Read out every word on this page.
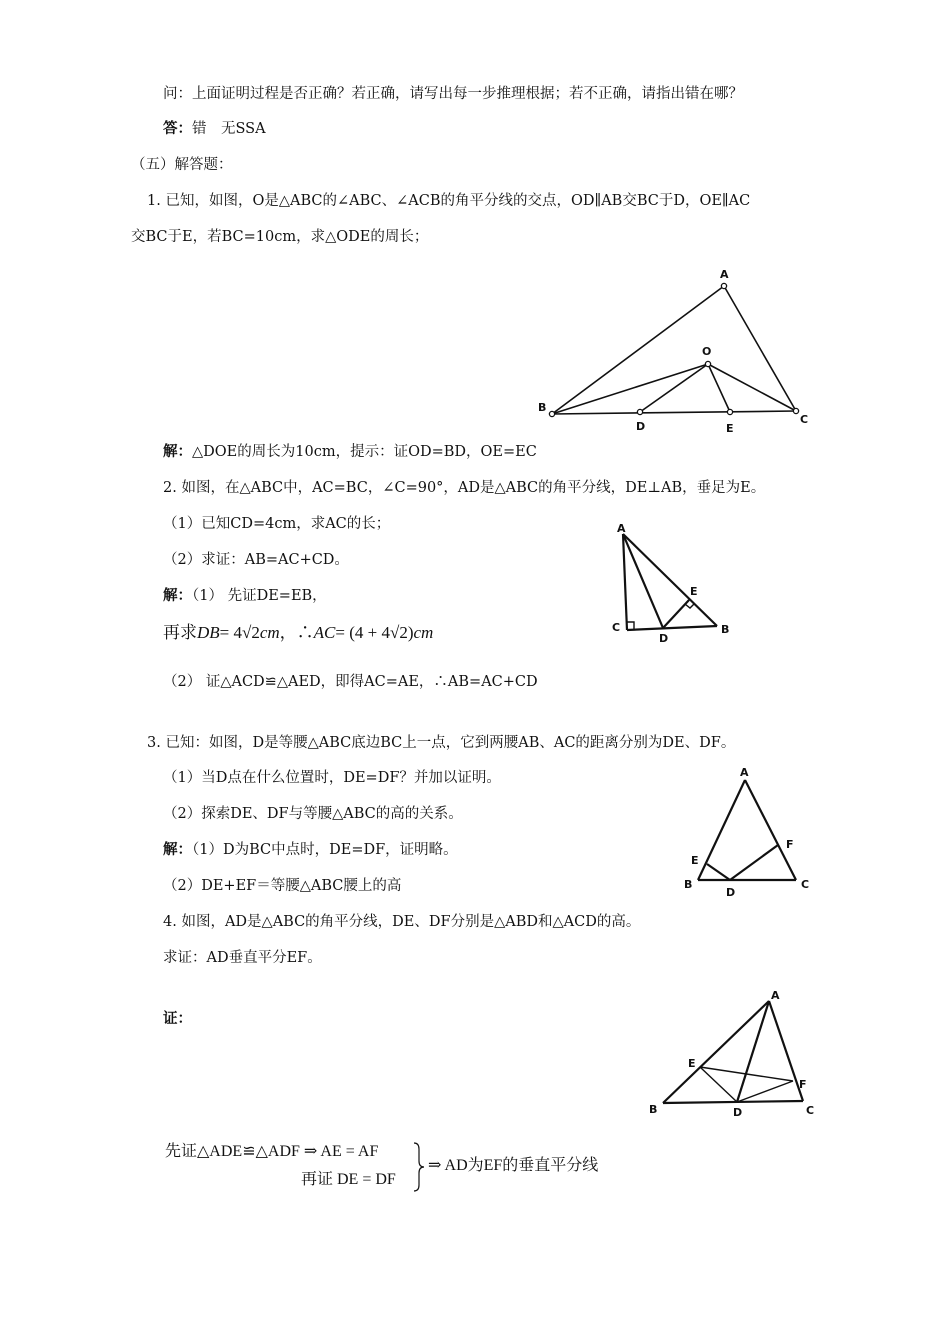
问：上面证明过程是否正确？若正确，请写出每一步推理根据；若不正确，请指出错在哪？
答：错　无SSA
（五）解答题：
1. 已知，如图，O是△ABC的∠ABC、∠ACB的角平分线的交点，OD∥AB交BC于D，OE∥AC
交BC于E，若BC=10cm，求△ODE的周长；
A
B
C
O
D	E
解：△DOE的周长为10cm，提示：证OD=BD，OE=EC
2. 如图，在△ABC中，AC=BC，∠C=90°，AD是△ABC的角平分线，DE⊥AB，垂足为E。
（1）已知CD=4cm，求AC的长；
（2）求证：AB=AC+CD。
解：（1） 先证DE=EB，
再求DB= 4√2cm，∴AC= (4 + 4√2)cm
（2） 证△ACD≌△AED，即得AC=AE，∴AB=AC+CD
A
C	B
D
E
3. 已知：如图，D是等腰△ABC底边BC上一点，它到两腰AB、AC的距离分别为DE、DF。
（1）当D点在什么位置时，DE=DF？并加以证明。
（2）探索DE、DF与等腰△ABC的高的关系。
解：（1）D为BC中点时，DE=DF，证明略。
（2）DE+EF＝等腰△ABC腰上的高
A
B	C
D
E
F
4. 如图，AD是△ABC的角平分线，DE、DF分别是△ABD和△ACD的高。
求证：AD垂直平分EF。
证：
A
B	C
D
E
F
先证△ADE≌△ADF ⇒ AE = AF
再证 DE = DF
⇒ AD为EF的垂直平分线
